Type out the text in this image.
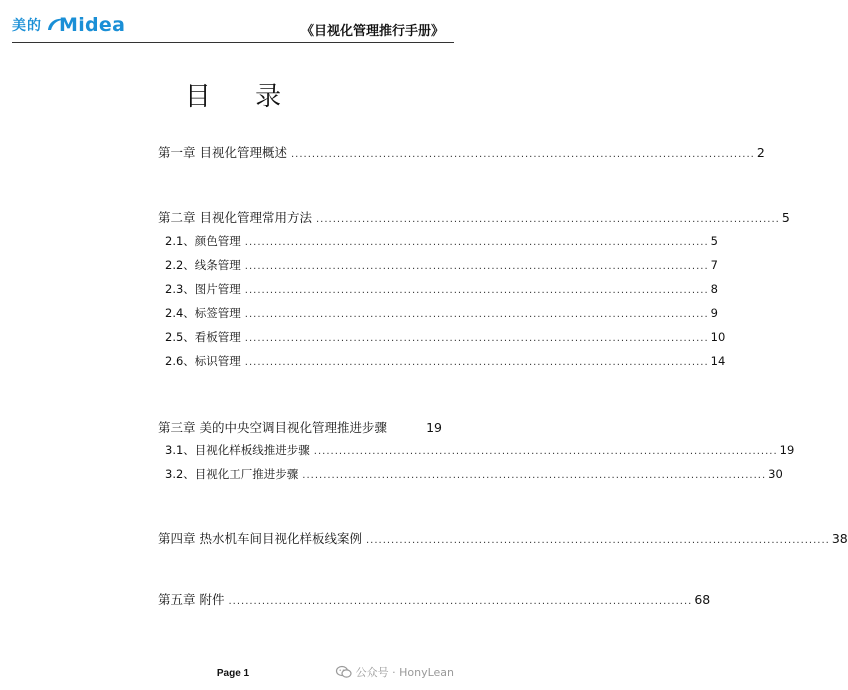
美的 Midea	《目视化管理推行手册》
目 录
第一章 目视化管理概述 ............................................................................................................... 2
第二章 目视化管理常用方法 ............................................................................................................... 5
2.1、颜色管理 ............................................................................................................... 5
2.2、线条管理 ............................................................................................................... 7
2.3、图片管理 ............................................................................................................... 8
2.4、标签管理 ............................................................................................................... 9
2.5、看板管理 ............................................................................................................... 10
2.6、标识管理 ............................................................................................................... 14
第三章 美的中央空调目视化管理推进步骤	19
3.1、目视化样板线推进步骤 ............................................................................................................... 19
3.2、目视化工厂推进步骤 ............................................................................................................... 30
第四章 热水机车间目视化样板线案例 ............................................................................................................... 38
第五章 附件 ............................................................................................................... 68
Page 1	公众号 · HonyLean
